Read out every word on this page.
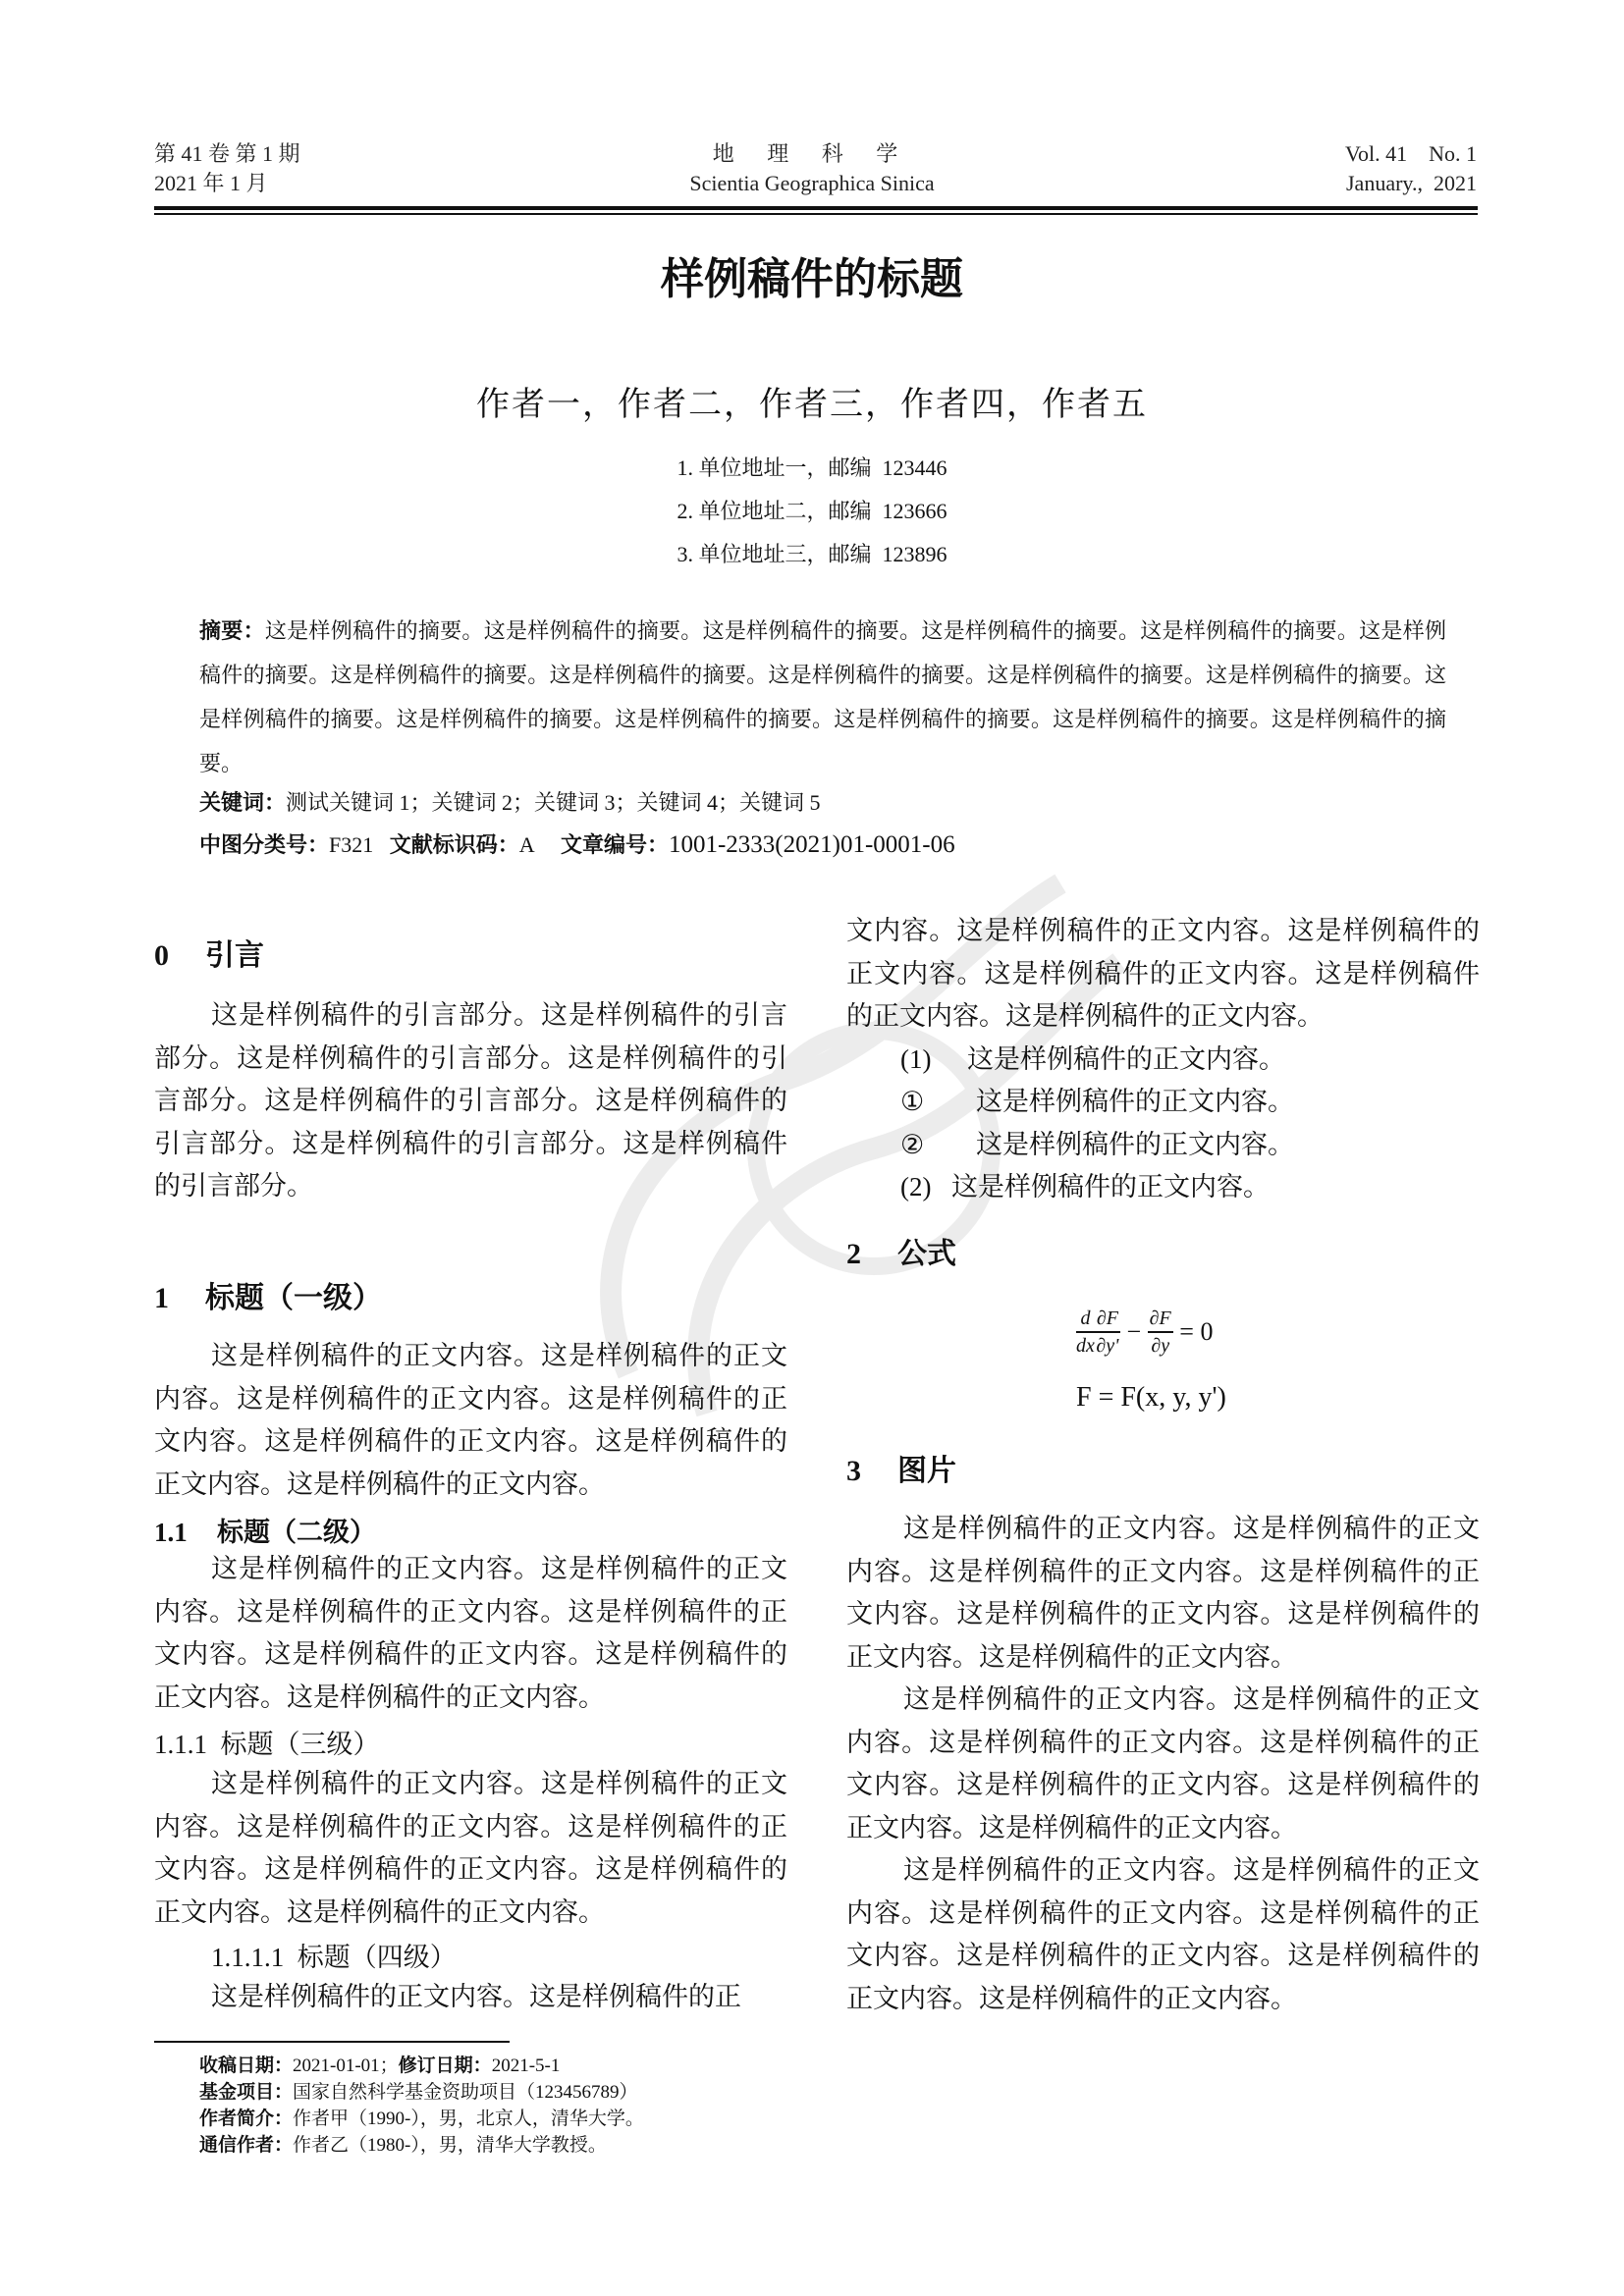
第 41 卷 第 1 期
2021 年 1 月
地 理 科 学
Scientia Geographica Sinica
Vol. 41    No. 1
January.,  2021
样例稿件的标题
作者一，作者二，作者三，作者四，作者五
1. 单位地址一，邮编  123446
2. 单位地址二，邮编  123666
3. 单位地址三，邮编  123896
摘要：这是样例稿件的摘要。这是样例稿件的摘要。这是样例稿件的摘要。这是样例稿件的摘要。这是样例稿件的摘要。这是样例稿件的摘要。这是样例稿件的摘要。这是样例稿件的摘要。这是样例稿件的摘要。这是样例稿件的摘要。这是样例稿件的摘要。这是样例稿件的摘要。这是样例稿件的摘要。这是样例稿件的摘要。这是样例稿件的摘要。这是样例稿件的摘要。这是样例稿件的摘要。
关键词：测试关键词 1；关键词 2；关键词 3；关键词 4；关键词 5
中图分类号：F321 文献标识码：A 文章编号：1001-2333(2021)01-0001-06
0 引言
这是样例稿件的引言部分。这是样例稿件的引言部分。这是样例稿件的引言部分。这是样例稿件的引言部分。这是样例稿件的引言部分。这是样例稿件的引言部分。这是样例稿件的引言部分。这是样例稿件的引言部分。
1 标题（一级）
这是样例稿件的正文内容。这是样例稿件的正文内容。这是样例稿件的正文内容。这是样例稿件的正文内容。这是样例稿件的正文内容。这是样例稿件的正文内容。这是样例稿件的正文内容。
1.1 标题（二级）
这是样例稿件的正文内容。这是样例稿件的正文内容。这是样例稿件的正文内容。这是样例稿件的正文内容。这是样例稿件的正文内容。这是样例稿件的正文内容。这是样例稿件的正文内容。
1.1.1  标题（三级）
这是样例稿件的正文内容。这是样例稿件的正文内容。这是样例稿件的正文内容。这是样例稿件的正文内容。这是样例稿件的正文内容。这是样例稿件的正文内容。这是样例稿件的正文内容。
1.1.1.1  标题（四级）
这是样例稿件的正文内容。这是样例稿件的正
文内容。这是样例稿件的正文内容。这是样例稿件的正文内容。这是样例稿件的正文内容。这是样例稿件的正文内容。这是样例稿件的正文内容。
(1) 这是样例稿件的正文内容。
① 这是样例稿件的正文内容。
② 这是样例稿件的正文内容。
(2) 这是样例稿件的正文内容。
2 公式
$\frac{d}{dx} \frac{\partial F}{\partial y'} - \frac{\partial F}{\partial y} = 0$
F = F(x, y, y')
3 图片
这是样例稿件的正文内容。这是样例稿件的正文内容。这是样例稿件的正文内容。这是样例稿件的正文内容。这是样例稿件的正文内容。这是样例稿件的正文内容。这是样例稿件的正文内容。
这是样例稿件的正文内容。这是样例稿件的正文内容。这是样例稿件的正文内容。这是样例稿件的正文内容。这是样例稿件的正文内容。这是样例稿件的正文内容。这是样例稿件的正文内容。
这是样例稿件的正文内容。这是样例稿件的正文内容。这是样例稿件的正文内容。这是样例稿件的正文内容。这是样例稿件的正文内容。这是样例稿件的正文内容。这是样例稿件的正文内容。
收稿日期：2021-01-01；修订日期：2021-5-1
基金项目：国家自然科学基金资助项目（123456789）
作者简介：作者甲（1990-），男，北京人，清华大学。
通信作者：作者乙（1980-），男，清华大学教授。
